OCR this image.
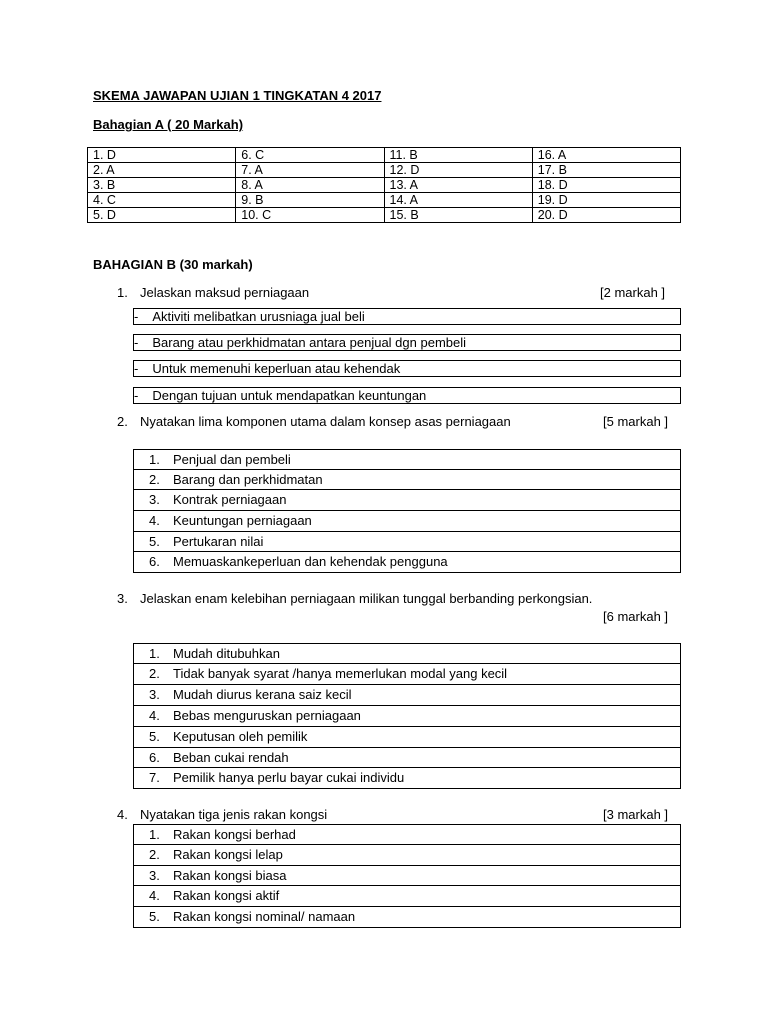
SKEMA JAWAPAN UJIAN 1 TINGKATAN 4 2017
Bahagian A ( 20 Markah)
1. D	6. C	11. B	16. A
2. A	7. A	12. D	17. B
3. B	8. A	13. A	18. D
4. C	9. B	14. A	19. D
5. D	10. C	15. B	20. D
BAHAGIAN B (30 markah)
1. Jelaskan maksud perniagaan	[2 markah ]
-	Aktiviti melibatkan urusniaga jual beli
-	Barang atau perkhidmatan antara penjual dgn pembeli
-	Untuk memenuhi keperluan atau kehendak
-	Dengan tujuan untuk mendapatkan keuntungan
2. Nyatakan lima komponen utama dalam konsep asas perniagaan	[5 markah ]
1.	Penjual dan pembeli
2.	Barang dan perkhidmatan
3.	Kontrak perniagaan
4.	Keuntungan perniagaan
5.	Pertukaran nilai
6.	Memuaskankeperluan dan kehendak pengguna
3. Jelaskan enam kelebihan perniagaan milikan tunggal berbanding perkongsian.
[6 markah ]
1.	Mudah ditubuhkan
2.	Tidak banyak syarat /hanya memerlukan modal yang kecil
3.	Mudah diurus kerana saiz kecil
4.	Bebas menguruskan perniagaan
5.	Keputusan oleh pemilik
6.	Beban cukai rendah
7.	Pemilik hanya perlu bayar cukai individu
4. Nyatakan tiga jenis rakan kongsi	[3 markah ]
1.	Rakan kongsi berhad
2.	Rakan kongsi lelap
3.	Rakan kongsi biasa
4.	Rakan kongsi aktif
5.	Rakan kongsi nominal/ namaan
